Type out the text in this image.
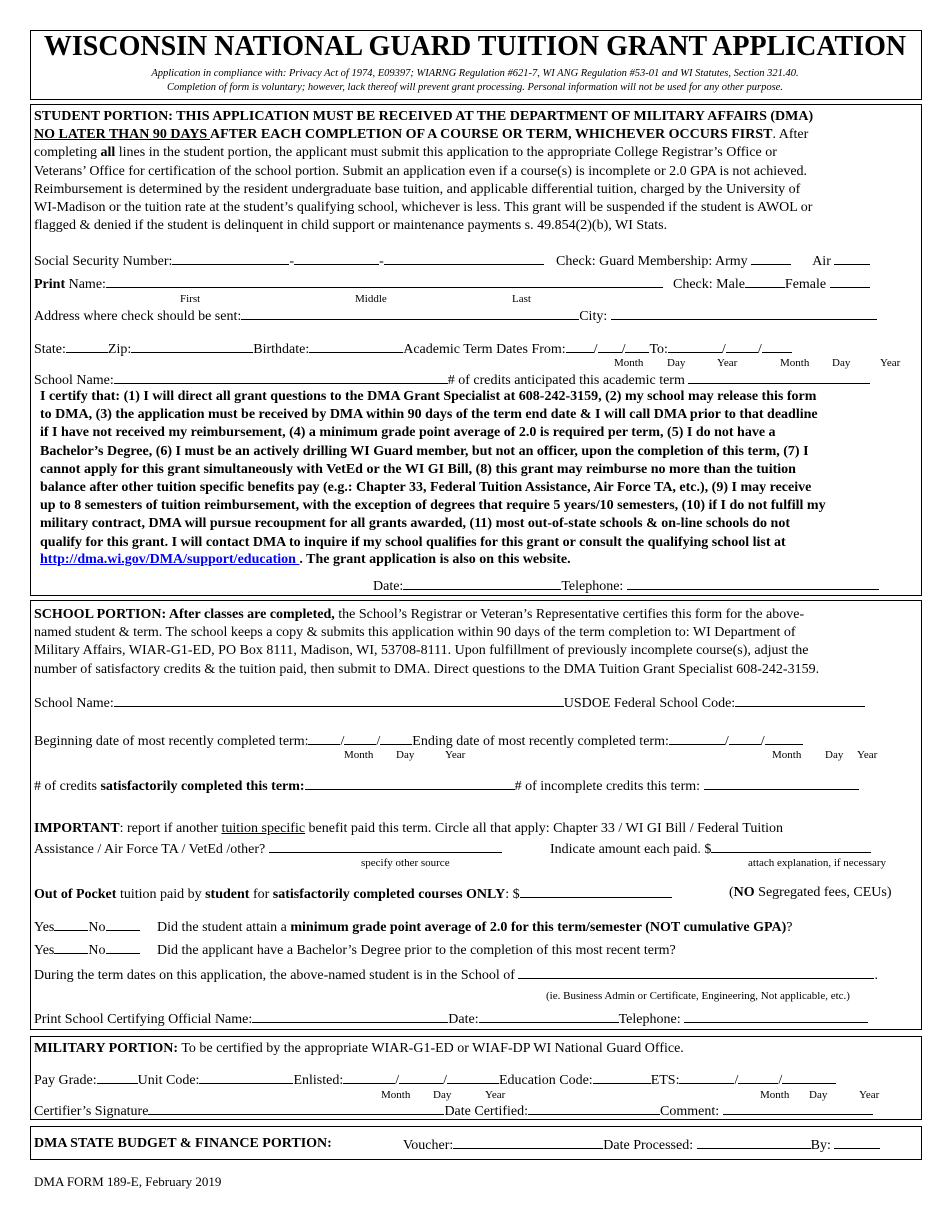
WISCONSIN NATIONAL GUARD TUITION GRANT APPLICATION
Application in compliance with: Privacy Act of 1974, E09397; WIARNG Regulation #621-7, WI ANG Regulation #53-01 and WI Statutes, Section 321.40.
Completion of form is voluntary; however, lack thereof will prevent grant processing. Personal information will not be used for any other purpose.
STUDENT PORTION: THIS APPLICATION MUST BE RECEIVED AT THE DEPARTMENT OF MILITARY AFFAIRS (DMA)
NO LATER THAN 90 DAYS AFTER EACH COMPLETION OF A COURSE OR TERM, WHICHEVER OCCURS FIRST. After
completing all lines in the student portion, the applicant must submit this application to the appropriate College Registrar’s Office or
Veterans’ Office for certification of the school portion. Submit an application even if a course(s) is incomplete or 2.0 GPA is not achieved.
Reimbursement is determined by the resident undergraduate base tuition, and applicable differential tuition, charged by the University of
WI-Madison or the tuition rate at the student’s qualifying school, whichever is less. This grant will be suspended if the student is AWOL or
flagged & denied if the student is delinquent in child support or maintenance payments s. 49.854(2)(b), WI Stats.
Social Security Number:	-	-	Check: Guard Membership: Army	Air
Print Name:	Check: Male	Female
First	Middle	Last
Address where check should be sent:	City:
State:	Zip:	Birthdate:	Academic Term Dates From: / / To:	/ /
Month Day	Year	Month Day	Year
School Name:	# of credits anticipated this academic term
I certify that: (1) I will direct all grant questions to the DMA Grant Specialist at 608-242-3159, (2) my school may release this form
to DMA, (3) the application must be received by DMA within 90 days of the term end date & I will call DMA prior to that deadline
if I have not received my reimbursement, (4) a minimum grade point average of 2.0 is required per term, (5) I do not have a
Bachelor’s Degree, (6) I must be an actively drilling WI Guard member, but not an officer, upon the completion of this term, (7) I
cannot apply for this grant simultaneously with VetEd or the WI GI Bill, (8) this grant may reimburse no more than the tuition
balance after other tuition specific benefits pay (e.g.: Chapter 33, Federal Tuition Assistance, Air Force TA, etc.), (9) I may receive
up to 8 semesters of tuition reimbursement, with the exception of degrees that require 5 years/10 semesters, (10) if I do not fulfill my
military contract, DMA will pursue recoupment for all grants awarded, (11) most out-of-state schools & on-line schools do not
qualify for this grant. I will contact DMA to inquire if my school qualifies for this grant or consult the qualifying school list at
http://dma.wi.gov/DMA/support/education . The grant application is also on this website.
Date:	Telephone:
SCHOOL PORTION: After classes are completed, the School’s Registrar or Veteran’s Representative certifies this form for the above-
named student & term. The school keeps a copy & submits this application within 90 days of the term completion to: WI Department of
Military Affairs, WIAR-G1-ED, PO Box 8111, Madison, WI, 53708-8111. Upon fulfillment of previously incomplete course(s), adjust the
number of satisfactory credits & the tuition paid, then submit to DMA. Direct questions to the DMA Tuition Grant Specialist 608-242-3159.
School Name:	USDOE Federal School Code:
Beginning date of most recently completed term: / / Ending date of most recently completed term:	/ /
Month Day	Year	Month Day Year
# of credits satisfactorily completed this term:	# of incomplete credits this term:
IMPORTANT: report if another tuition specific benefit paid this term. Circle all that apply: Chapter 33 / WI GI Bill / Federal Tuition
Assistance / Air Force TA / VetEd /other?	Indicate amount each paid. $
specify other source	attach explanation, if necessary
Out of Pocket tuition paid by student for satisfactorily completed courses ONLY: $	(NO Segregated fees, CEUs)
Yes No	Did the student attain a minimum grade point average of 2.0 for this term/semester (NOT cumulative GPA)?
Yes No	Did the applicant have a Bachelor’s Degree prior to the completion of this most recent term?
During the term dates on this application, the above-named student is in the School of	.
(ie. Business Admin or Certificate, Engineering, Not applicable, etc.)
Print School Certifying Official Name:	Date:	Telephone:
MILITARY PORTION: To be certified by the appropriate WIAR-G1-ED or WIAF-DP WI National Guard Office.
Pay Grade:	Unit Code:	Enlisted:	/	/	Education Code:	ETS:	/	/
Month Day	Year	Month Day	Year
Certifier’s Signature	Date Certified:	Comment:
DMA STATE BUDGET & FINANCE PORTION:	Voucher:	Date Processed:	By:
DMA FORM 189-E, February 2019
